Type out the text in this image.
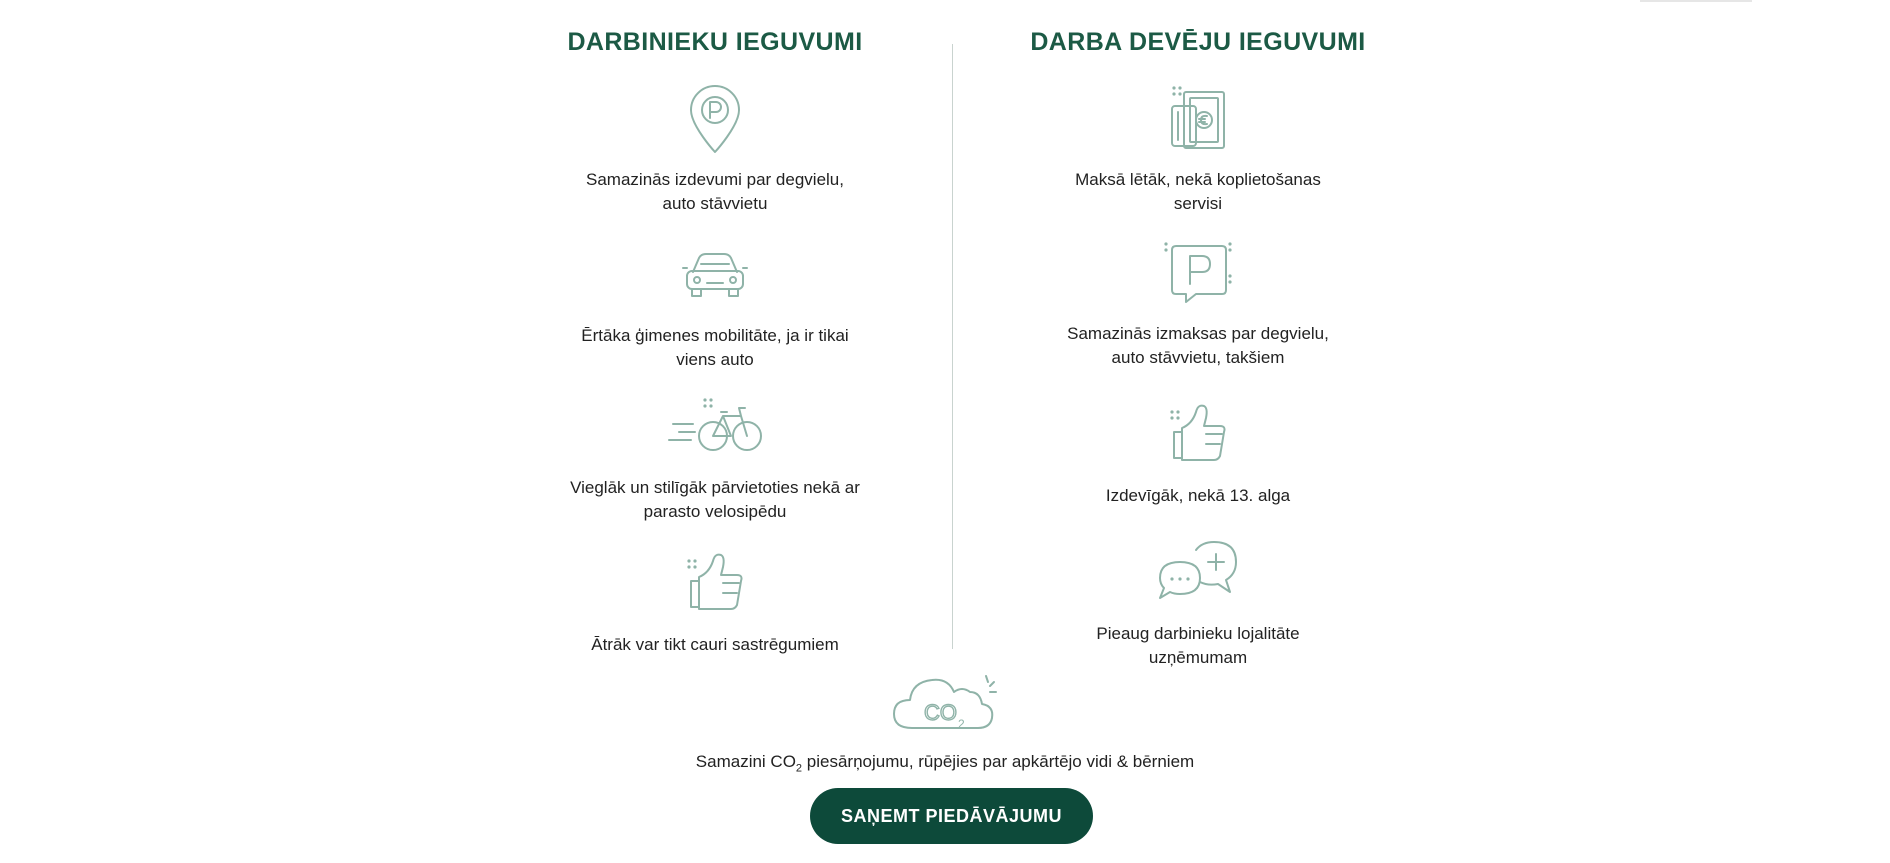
DARBINIEKU IEGUVUMI	DARBA DEVĒJU IEGUVUMI
Samazinās izdevumi par degvielu,
auto stāvvietu
Ērtāka ģimenes mobilitāte, ja ir tikai
viens auto
Vieglāk un stilīgāk pārvietoties nekā ar
parasto velosipēdu
Ātrāk var tikt cauri sastrēgumiem
Maksā lētāk, nekā koplietošanas
servisi
Samazinās izmaksas par degvielu,
auto stāvvietu, takšiem
Izdevīgāk, nekā 13. alga
Pieaug darbinieku lojalitāte
uzņēmumam
CO 2

Samazini $CO_2$ piesārņojumu, rūpējies par apkārtējo vidi & bērniem

SAŅEMT PIEDĀVĀJUMU
